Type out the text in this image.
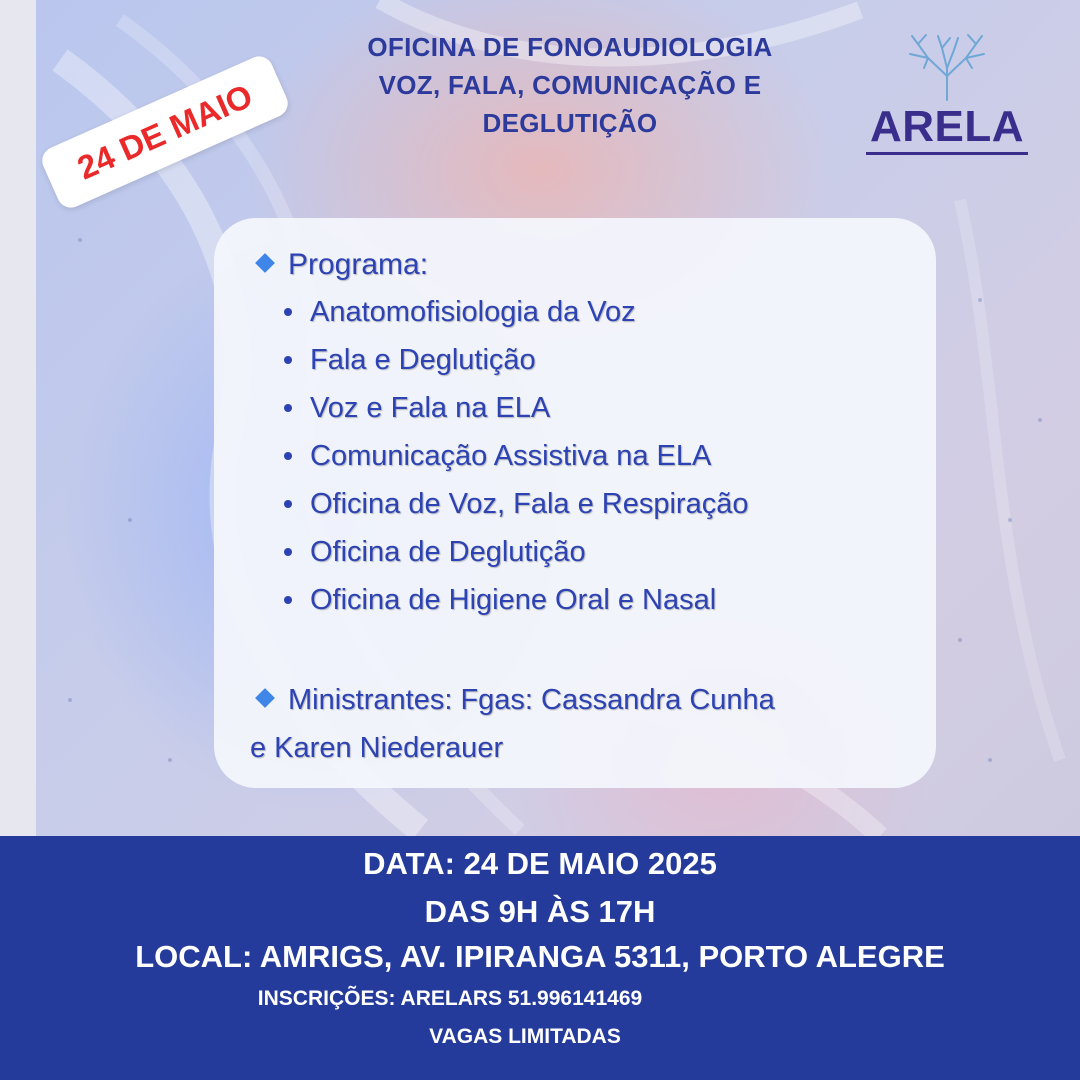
OFICINA DE FONOAUDIOLOGIA
VOZ, FALA, COMUNICAÇÃO E
DEGLUTIÇÃO
24 DE MAIO	ARELA
Programa:
Anatomofisiologia da Voz
Fala e Deglutição
Voz e Fala na ELA
Comunicação Assistiva na ELA
Oficina de Voz, Fala e Respiração
Oficina de Deglutição
Oficina de Higiene Oral e Nasal
Ministrantes: Fgas: Cassandra Cunha
e Karen Niederauer
DATA: 24 DE MAIO 2025
DAS 9H ÀS 17H
LOCAL: AMRIGS, AV. IPIRANGA 5311, PORTO ALEGRE
INSCRIÇÕES: ARELARS 51.996141469
VAGAS LIMITADAS
